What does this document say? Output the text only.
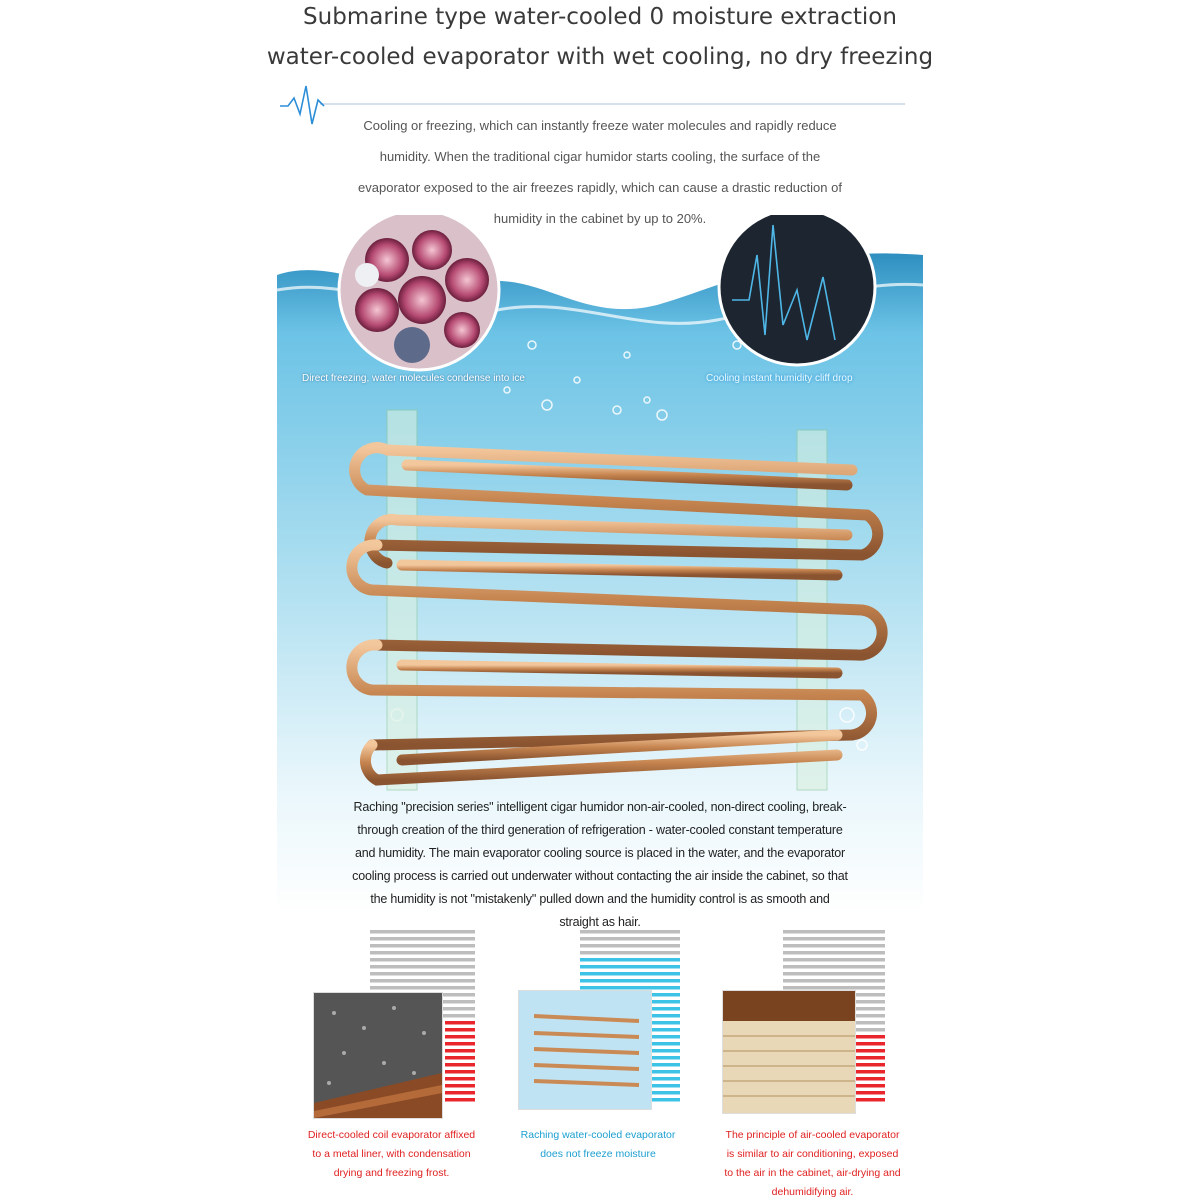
Submarine type water-cooled 0 moisture extraction
water-cooled evaporator with wet cooling, no dry freezing
Cooling or freezing, which can instantly freeze water molecules and rapidly reduce
humidity. When the traditional cigar humidor starts cooling, the surface of the
evaporator exposed to the air freezes rapidly, which can cause a drastic reduction of
humidity in the cabinet by up to 20%.
Direct freezing, water molecules condense into ice	Cooling instant humidity cliff drop
Raching "precision series" intelligent cigar humidor non-air-cooled, non-direct cooling, break-
through creation of the third generation of refrigeration - water-cooled constant temperature
and humidity. The main evaporator cooling source is placed in the water, and the evaporator
cooling process is carried out underwater without contacting the air inside the cabinet, so that
the humidity is not "mistakenly" pulled down and the humidity control is as smooth and
straight as hair.
Direct-cooled coil evaporator affixed
to a metal liner, with condensation
drying and freezing frost.
Raching water-cooled evaporator
does not freeze moisture
The principle of air-cooled evaporator
is similar to air conditioning, exposed
to the air in the cabinet, air-drying and
dehumidifying air.
